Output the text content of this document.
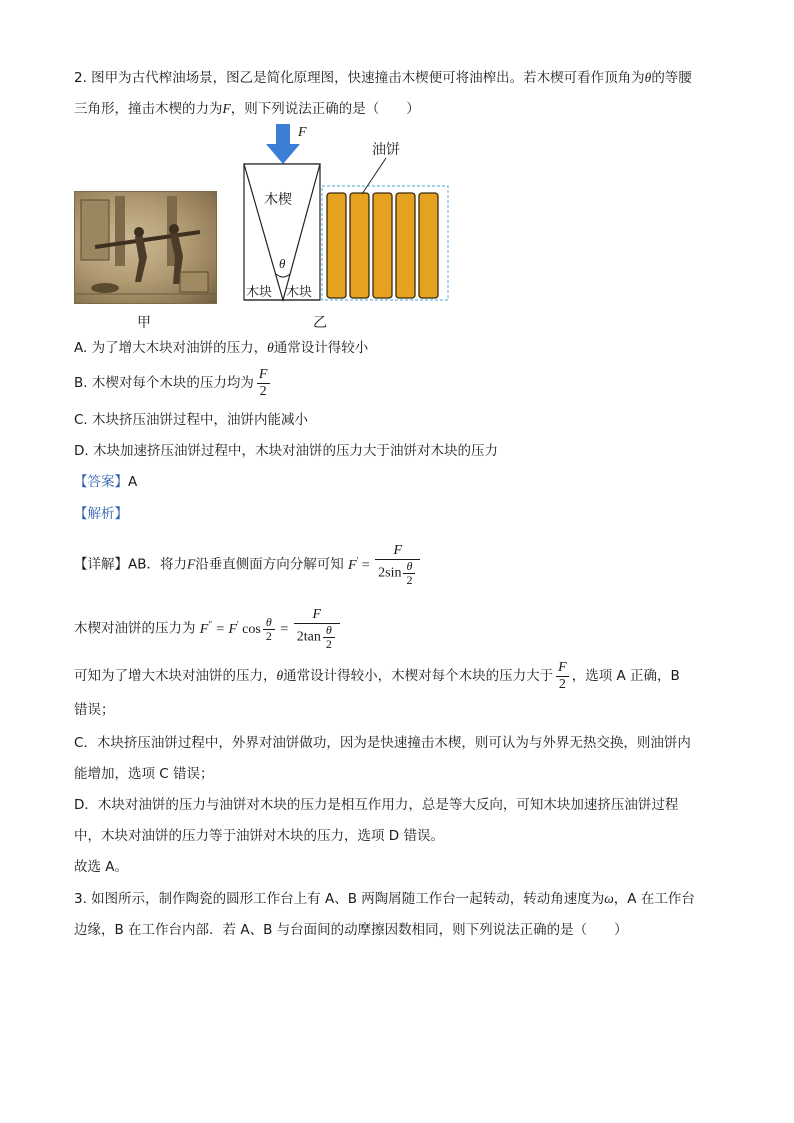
2. 图甲为古代榨油场景，图乙是简化原理图，快速撞击木楔便可将油榨出。若木楔可看作顶角为θ的等腰
三角形，撞击木楔的力为F，则下列说法正确的是（　　）
甲
F
木楔
θ
木块 木块
油饼
乙
A. 为了增大木块对油饼的压力，θ通常设计得较小
B. 木楔对每个木块的压力均为 $\frac{F}{2}$
C. 木块挤压油饼过程中，油饼内能减小
D. 木块加速挤压油饼过程中，木块对油饼的压力大于油饼对木块的压力
【答案】A
【解析】
【详解】AB．将力F沿垂直侧面方向分解可知 $F' = \frac{F}{2\sin \frac{\theta}{2}}$
木楔对油饼的压力为 F" = F' $\cos \frac{\theta}{2} = \frac{F}{2\tan \frac{\theta}{2}}$
可知为了增大木块对油饼的压力，θ通常设计得较小，木楔对每个木块的压力大于 $\frac{F}{2}$ ，选项 A 正确，B
错误；
C．木块挤压油饼过程中，外界对油饼做功，因为是快速撞击木楔，则可认为与外界无热交换，则油饼内
能增加，选项 C 错误；
D．木块对油饼的压力与油饼对木块的压力是相互作用力，总是等大反向，可知木块加速挤压油饼过程
中，木块对油饼的压力等于油饼对木块的压力，选项 D 错误。
故选 A。
3. 如图所示，制作陶瓷的圆形工作台上有 A、B 两陶屑随工作台一起转动，转动角速度为ω，A 在工作台
边缘，B 在工作台内部．若 A、B 与台面间的动摩擦因数相同，则下列说法正确的是（　　）
